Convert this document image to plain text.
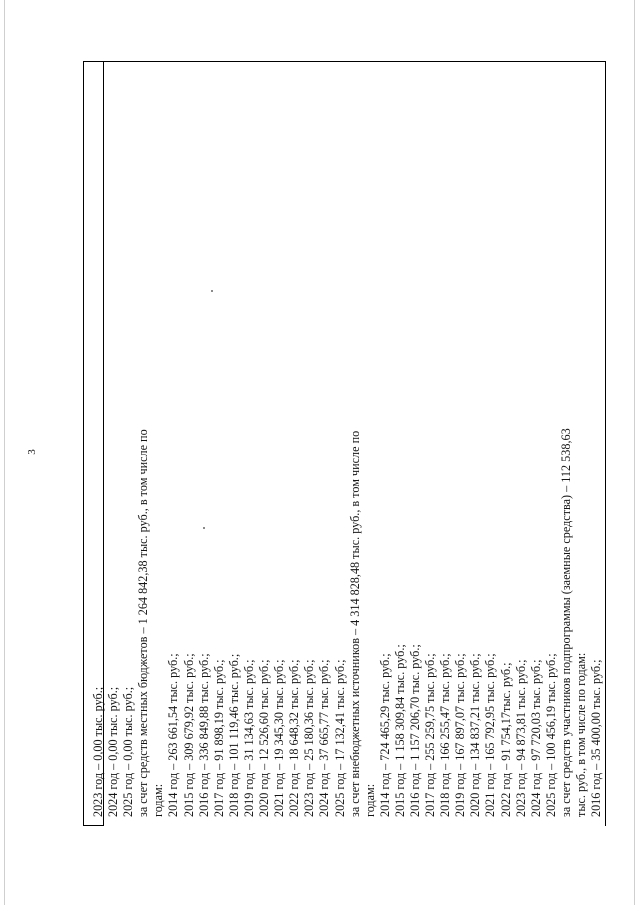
3
2023 год – 0,00 тыс. руб.; 2024 год – 0,00 тыс. руб.; 2025 год – 0,00 тыс. руб.; за счет средств местных бюджетов – 1 264 842,38 тыс. руб., в том числе по годам: 2014 год – 263 661,54 тыс. руб.; 2015 год – 309 679,92 тыс. руб.; 2016 год – 336 849,88 тыс. руб.; 2017 год – 91 898,19 тыс. руб.; 2018 год – 101 119,46 тыс. руб.; 2019 год – 31 134,63 тыс. руб.; 2020 год – 12 526,60 тыс. руб.; 2021 год – 19 345,30 тыс. руб.; 2022 год – 18 648,32 тыс. руб.; 2023 год – 25 180,36 тыс. руб.; 2024 год – 37 665,77 тыс. руб.; 2025 год – 17 132,41 тыс. руб.; за счет внебюджетных источников – 4 314 828,48 тыс. руб., в том числе по годам: 2014 год – 724 465,29 тыс. руб.; 2015 год – 1 158 309,84 тыс. руб.; 2016 год – 1 157 206,70 тыс. руб.; 2017 год – 255 259,75 тыс. руб.; 2018 год – 166 255,47 тыс. руб.; 2019 год – 167 897,07 тыс. руб.; 2020 год – 134 837,21 тыс. руб.; 2021 год – 165 792,95 тыс. руб.; 2022 год – 91 754,17тыс. руб.; 2023 год – 94 873,81 тыс. руб.; 2024 год – 97 720,03 тыс. руб.; 2025 год – 100 456,19 тыс. руб.; за счет средств участников подпрограммы (заемные средства) – 112 538,63 тыс. руб., в том числе по годам: 2016 год – 35 400,00 тыс. руб.;
